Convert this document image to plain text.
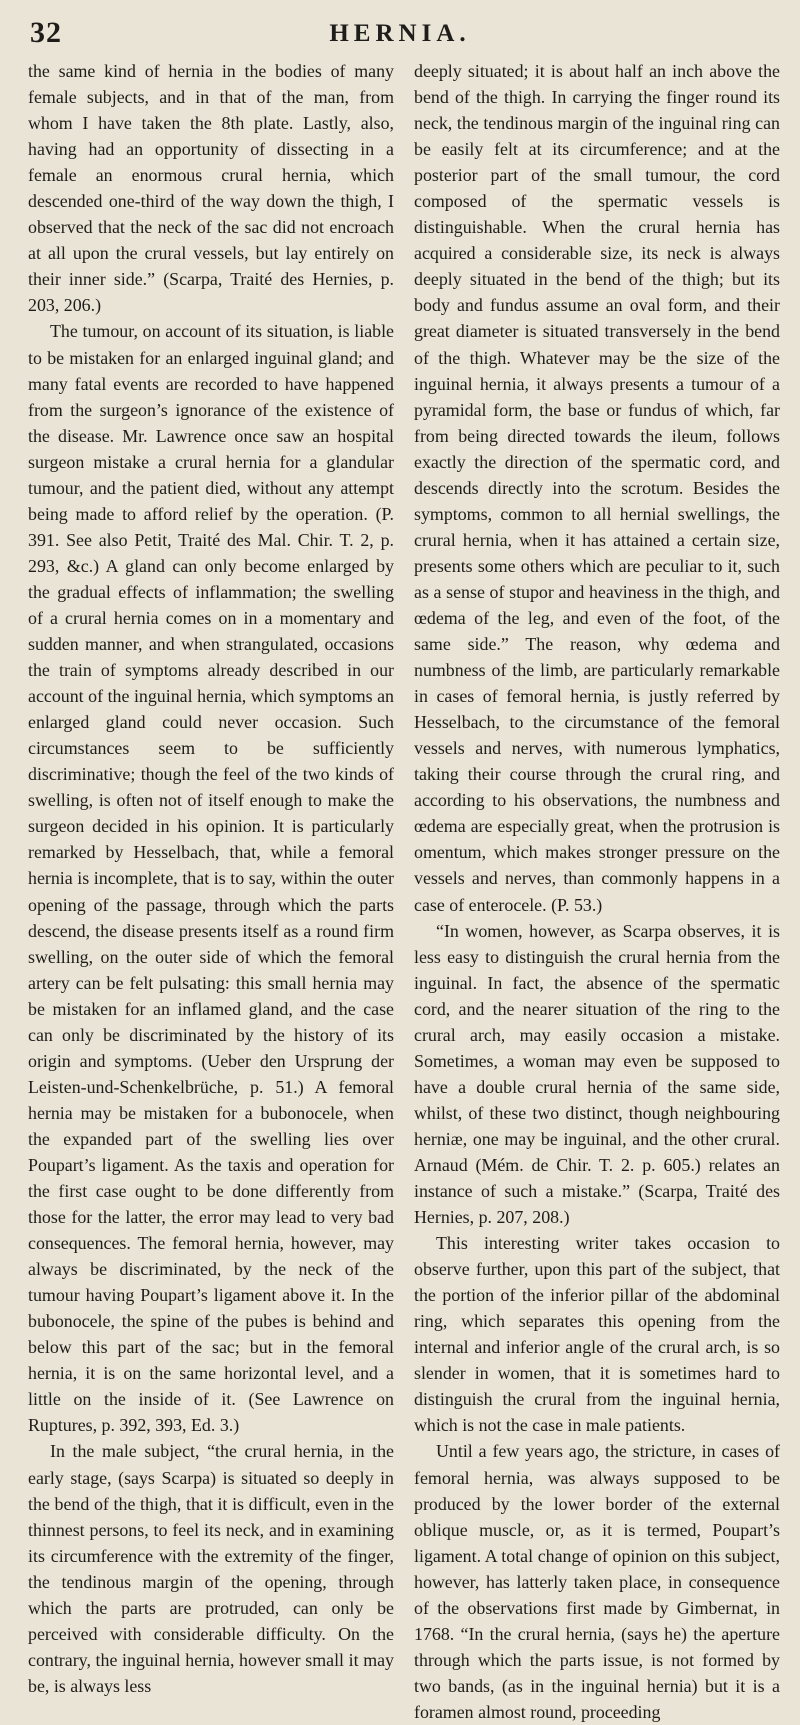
32	HERNIA.

the same kind of hernia in the bodies of many female subjects, and in that of the man, from whom I have taken the 8th plate. Lastly, also, having had an opportunity of dissecting in a female an enormous crural hernia, which descended one-third of the way down the thigh, I observed that the neck of the sac did not encroach at all upon the crural vessels, but lay entirely on their inner side.” (Scarpa, Traité des Hernies, p. 203, 206.)

The tumour, on account of its situation, is liable to be mistaken for an enlarged inguinal gland; and many fatal events are recorded to have happened from the surgeon’s ignorance of the existence of the disease. Mr. Lawrence once saw an hospital surgeon mistake a crural hernia for a glandular tumour, and the patient died, without any attempt being made to afford relief by the operation. (P. 391. See also Petit, Traité des Mal. Chir. T. 2, p. 293, &c.) A gland can only become enlarged by the gradual effects of inflammation; the swelling of a crural hernia comes on in a momentary and sudden manner, and when strangulated, occasions the train of symptoms already described in our account of the inguinal hernia, which symptoms an enlarged gland could never occasion. Such circumstances seem to be sufficiently discriminative; though the feel of the two kinds of swelling, is often not of itself enough to make the surgeon decided in his opinion. It is particularly remarked by Hesselbach, that, while a femoral hernia is incomplete, that is to say, within the outer opening of the passage, through which the parts descend, the disease presents itself as a round firm swelling, on the outer side of which the femoral artery can be felt pulsating: this small hernia may be mistaken for an inflamed gland, and the case can only be discriminated by the history of its origin and symptoms. (Ueber den Ursprung der Leisten-und-Schenkelbrüche, p. 51.) A femoral hernia may be mistaken for a bubonocele, when the expanded part of the swelling lies over Poupart’s ligament. As the taxis and operation for the first case ought to be done differently from those for the latter, the error may lead to very bad consequences. The femoral hernia, however, may always be discriminated, by the neck of the tumour having Poupart’s ligament above it. In the bubonocele, the spine of the pubes is behind and below this part of the sac; but in the femoral hernia, it is on the same horizontal level, and a little on the inside of it. (See Lawrence on Ruptures, p. 392, 393, Ed. 3.)

In the male subject, “the crural hernia, in the early stage, (says Scarpa) is situated so deeply in the bend of the thigh, that it is difficult, even in the thinnest persons, to feel its neck, and in examining its circumference with the extremity of the finger, the tendinous margin of the opening, through which the parts are protruded, can only be perceived with considerable difficulty. On the contrary, the inguinal hernia, however small it may be, is always less

deeply situated; it is about half an inch above the bend of the thigh. In carrying the finger round its neck, the tendinous margin of the inguinal ring can be easily felt at its circumference; and at the posterior part of the small tumour, the cord composed of the spermatic vessels is distinguishable. When the crural hernia has acquired a considerable size, its neck is always deeply situated in the bend of the thigh; but its body and fundus assume an oval form, and their great diameter is situated transversely in the bend of the thigh. Whatever may be the size of the inguinal hernia, it always presents a tumour of a pyramidal form, the base or fundus of which, far from being directed towards the ileum, follows exactly the direction of the spermatic cord, and descends directly into the scrotum. Besides the symptoms, common to all hernial swellings, the crural hernia, when it has attained a certain size, presents some others which are peculiar to it, such as a sense of stupor and heaviness in the thigh, and œdema of the leg, and even of the foot, of the same side.” The reason, why œdema and numbness of the limb, are particularly remarkable in cases of femoral hernia, is justly referred by Hesselbach, to the circumstance of the femoral vessels and nerves, with numerous lymphatics, taking their course through the crural ring, and according to his observations, the numbness and œdema are especially great, when the protrusion is omentum, which makes stronger pressure on the vessels and nerves, than commonly happens in a case of enterocele. (P. 53.)

“In women, however, as Scarpa observes, it is less easy to distinguish the crural hernia from the inguinal. In fact, the absence of the spermatic cord, and the nearer situation of the ring to the crural arch, may easily occasion a mistake. Sometimes, a woman may even be supposed to have a double crural hernia of the same side, whilst, of these two distinct, though neighbouring herniæ, one may be inguinal, and the other crural. Arnaud (Mém. de Chir. T. 2. p. 605.) relates an instance of such a mistake.” (Scarpa, Traité des Hernies, p. 207, 208.)

This interesting writer takes occasion to observe further, upon this part of the subject, that the portion of the inferior pillar of the abdominal ring, which separates this opening from the internal and inferior angle of the crural arch, is so slender in women, that it is sometimes hard to distinguish the crural from the inguinal hernia, which is not the case in male patients.

Until a few years ago, the stricture, in cases of femoral hernia, was always supposed to be produced by the lower border of the external oblique muscle, or, as it is termed, Poupart’s ligament. A total change of opinion on this subject, however, has latterly taken place, in consequence of the observations first made by Gimbernat, in 1768. “In the crural hernia, (says he) the aperture through which the parts issue, is not formed by two bands, (as in the inguinal hernia) but it is a foramen almost round, proceeding
